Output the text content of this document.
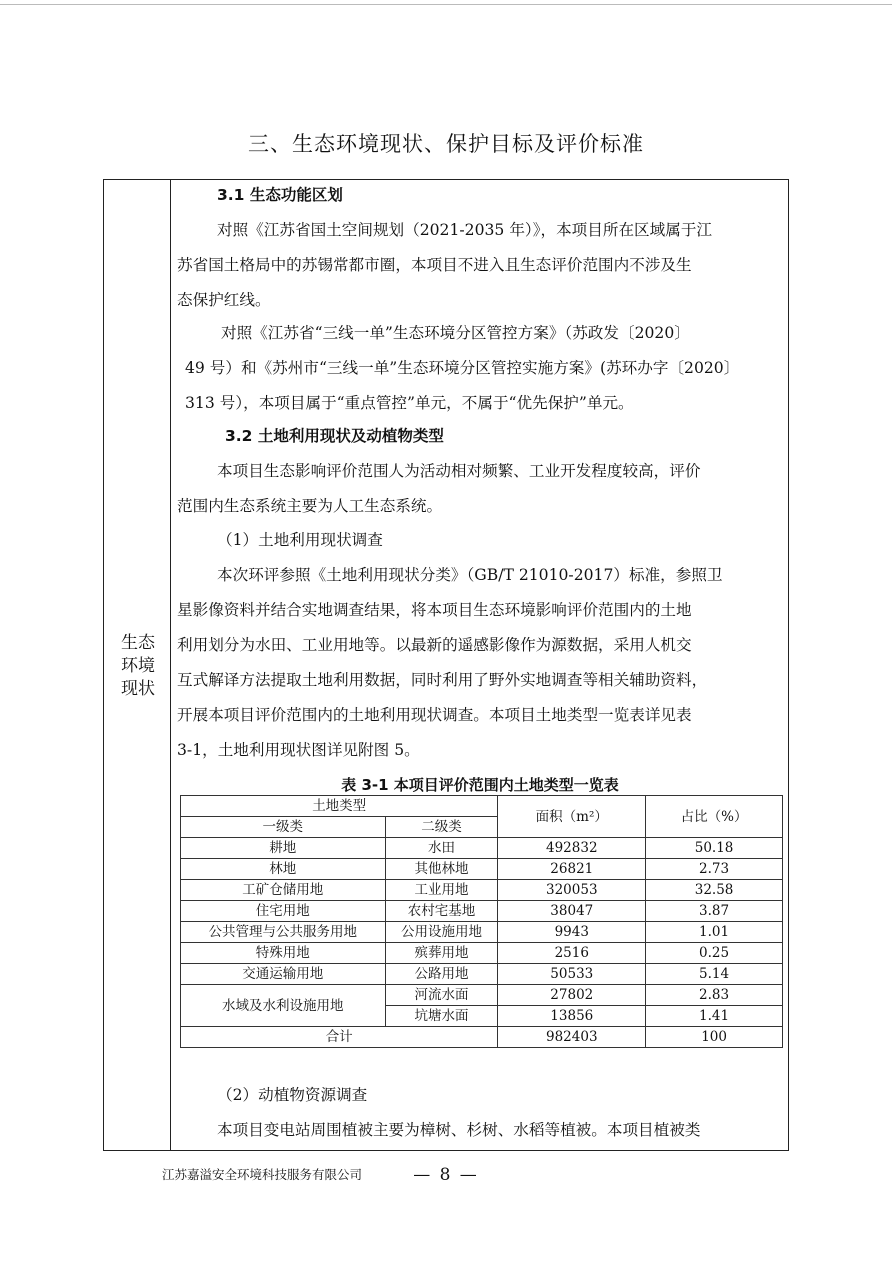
三、生态环境现状、保护目标及评价标准
生态
环境
现状
3.1 生态功能区划
对照《江苏省国土空间规划（2021-2035 年）》，本项目所在区域属于江
苏省国土格局中的苏锡常都市圈，本项目不进入且生态评价范围内不涉及生
态保护红线。
对照《江苏省“三线一单”生态环境分区管控方案》（苏政发〔2020〕
49 号）和《苏州市“三线一单”生态环境分区管控实施方案》(苏环办字〔2020〕
313 号），本项目属于“重点管控”单元，不属于“优先保护”单元。
3.2 土地利用现状及动植物类型
本项目生态影响评价范围人为活动相对频繁、工业开发程度较高，评价
范围内生态系统主要为人工生态系统。
（1）土地利用现状调查
本次环评参照《土地利用现状分类》（GB/T 21010-2017）标准，参照卫
星影像资料并结合实地调查结果，将本项目生态环境影响评价范围内的土地
利用划分为水田、工业用地等。以最新的遥感影像作为源数据，采用人机交
互式解译方法提取土地利用数据，同时利用了野外实地调查等相关辅助资料，
开展本项目评价范围内的土地利用现状调查。本项目土地类型一览表详见表
3-1，土地利用现状图详见附图 5。
表 3-1 本项目评价范围内土地类型一览表
土地类型		面积（m²）	占比（%）
一级类	二级类		
耕地	水田	492832	50.18
林地	其他林地	26821	2.73
工矿仓储用地	工业用地	320053	32.58
住宅用地	农村宅基地	38047	3.87
公共管理与公共服务用地	公用设施用地	9943	1.01
特殊用地	殡葬用地	2516	0.25
交通运输用地	公路用地	50533	5.14
水域及水利设施用地	河流水面	27802	2.83
	坑塘水面	13856	1.41
合计		982403	100
（2）动植物资源调查
本项目变电站周围植被主要为樟树、杉树、水稻等植被。本项目植被类
江苏嘉溢安全环境科技服务有限公司	— 8 —
